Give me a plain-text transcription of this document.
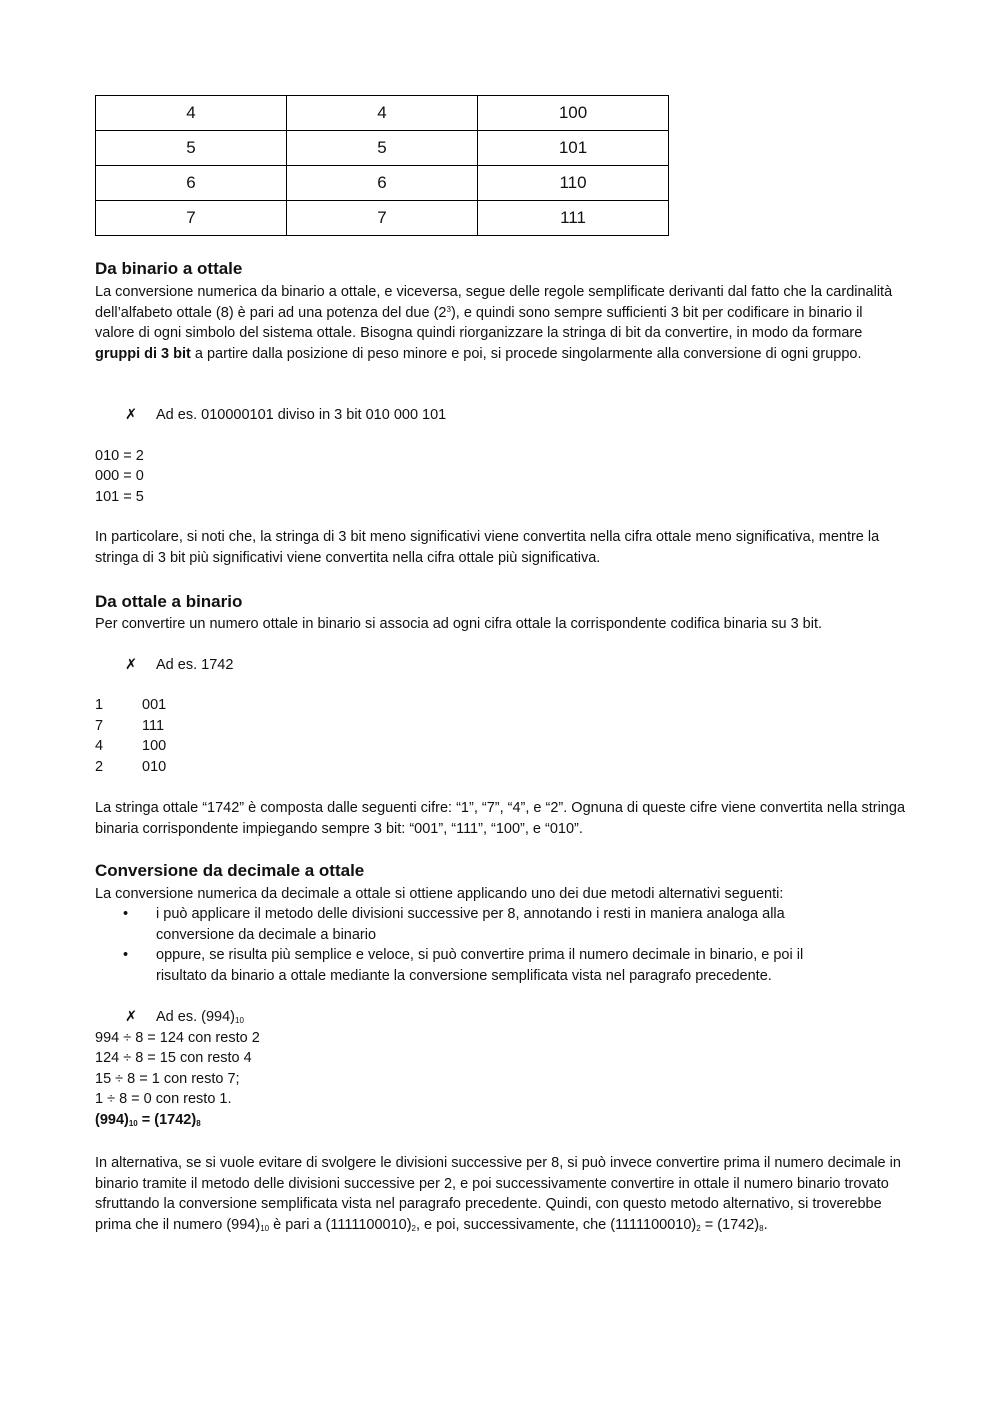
4	4	100
5	5	101
6	6	110
7	7	111
Da binario a ottale
La conversione numerica da binario a ottale, e viceversa, segue delle regole semplificate derivanti dal fatto che la cardinalità dell’alfabeto ottale (8) è pari ad una potenza del due $(2^3)$, e quindi sono sempre sufficienti 3 bit per codificare in binario il valore di ogni simbolo del sistema ottale. Bisogna quindi riorganizzare la stringa di bit da convertire, in modo da formare gruppi di 3 bit a partire dalla posizione di peso minore e poi, si procede singolarmente alla conversione di ogni gruppo.
✗ Ad es. 010000101 diviso in 3 bit 010 000 101
010 = 2
000 = 0
101 = 5
In particolare, si noti che, la stringa di 3 bit meno significativi viene convertita nella cifra ottale meno significativa, mentre la stringa di 3 bit più significativi viene convertita nella cifra ottale più significativa.
Da ottale a binario
Per convertire un numero ottale in binario si associa ad ogni cifra ottale la corrispondente codifica binaria su 3 bit.
✗ Ad es. 1742
1	001
7	111
4	100
2	010
La stringa ottale “1742” è composta dalle seguenti cifre: “1”, “7”, “4”, e “2”. Ognuna di queste cifre viene convertita nella stringa binaria corrispondente impiegando sempre 3 bit: “001”, “111”, “100”, e “010”.
Conversione da decimale a ottale
La conversione numerica da decimale a ottale si ottiene applicando uno dei due metodi alternativi seguenti:
•	i può applicare il metodo delle divisioni successive per 8, annotando i resti in maniera analoga alla conversione da decimale a binario
•	oppure, se risulta più semplice e veloce, si può convertire prima il numero decimale in binario, e poi il risultato da binario a ottale mediante la conversione semplificata vista nel paragrafo precedente.
✗ Ad es. $(994)_{10}$
994 ÷ 8 = 124 con resto 2
124 ÷ 8 = 15 con resto 4
15 ÷ 8 = 1 con resto 7;
1 ÷ 8 = 0 con resto 1.
$(994)_{10} = (1742)_8$
In alternativa, se si vuole evitare di svolgere le divisioni successive per 8, si può invece convertire prima il numero decimale in binario tramite il metodo delle divisioni successive per 2, e poi successivamente convertire in ottale il numero binario trovato sfruttando la conversione semplificata vista nel paragrafo precedente. Quindi, con questo metodo alternativo, si troverebbe prima che il numero $(994)_{10}$ è pari a $(1111100010)_2$, e poi, successivamente, che $(1111100010)_2 = (1742)_8$.
